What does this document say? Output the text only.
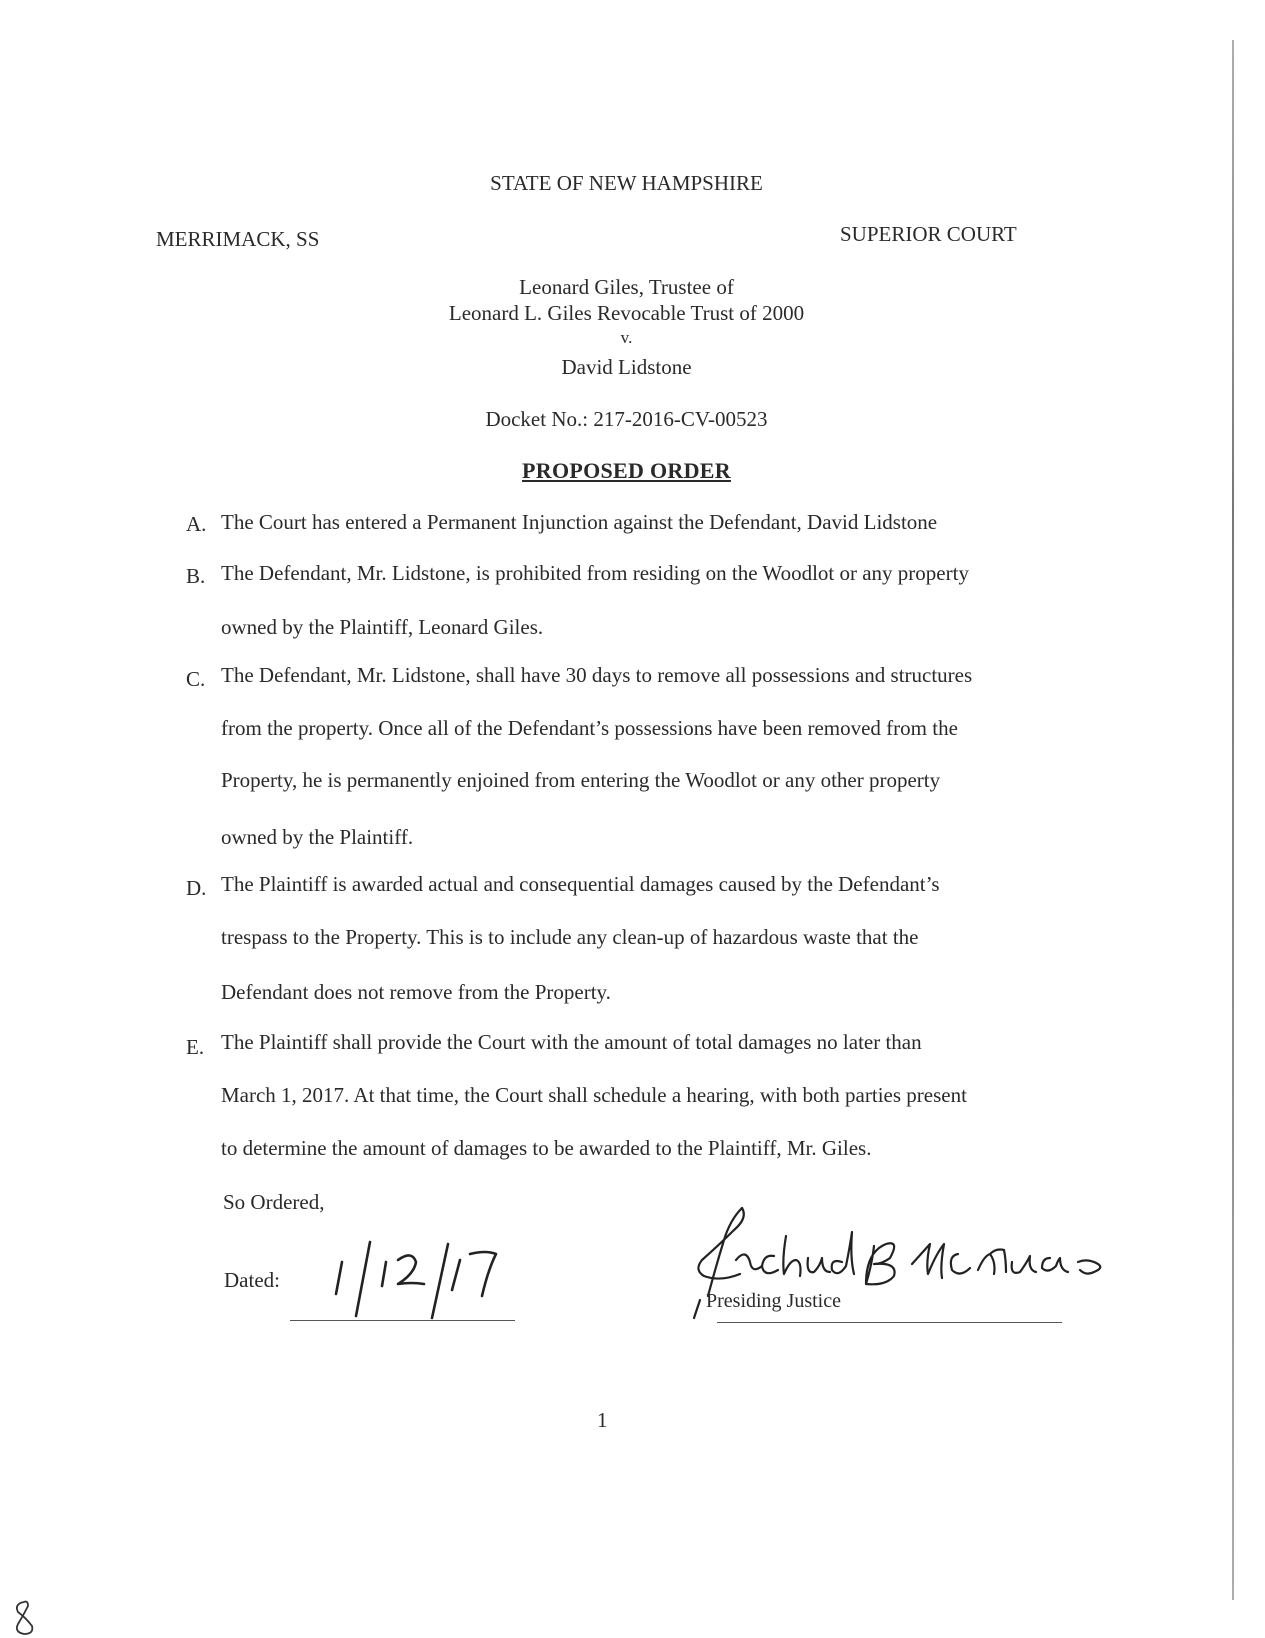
STATE OF NEW HAMPSHIRE
MERRIMACK, SS	SUPERIOR COURT
Leonard Giles, Trustee of
Leonard L. Giles Revocable Trust of 2000
v.
David Lidstone
Docket No.: 217-2016-CV-00523
PROPOSED ORDER
A. The Court has entered a Permanent Injunction against the Defendant, David Lidstone
B. The Defendant, Mr. Lidstone, is prohibited from residing on the Woodlot or any property
owned by the Plaintiff, Leonard Giles.
C. The Defendant, Mr. Lidstone, shall have 30 days to remove all possessions and structures
from the property. Once all of the Defendant’s possessions have been removed from the
Property, he is permanently enjoined from entering the Woodlot or any other property
owned by the Plaintiff.
D. The Plaintiff is awarded actual and consequential damages caused by the Defendant’s
trespass to the Property. This is to include any clean-up of hazardous waste that the
Defendant does not remove from the Property.
E. The Plaintiff shall provide the Court with the amount of total damages no later than
March 1, 2017. At that time, the Court shall schedule a hearing, with both parties present
to determine the amount of damages to be awarded to the Plaintiff, Mr. Giles.
So Ordered,
Dated:
Presiding Justice
1
